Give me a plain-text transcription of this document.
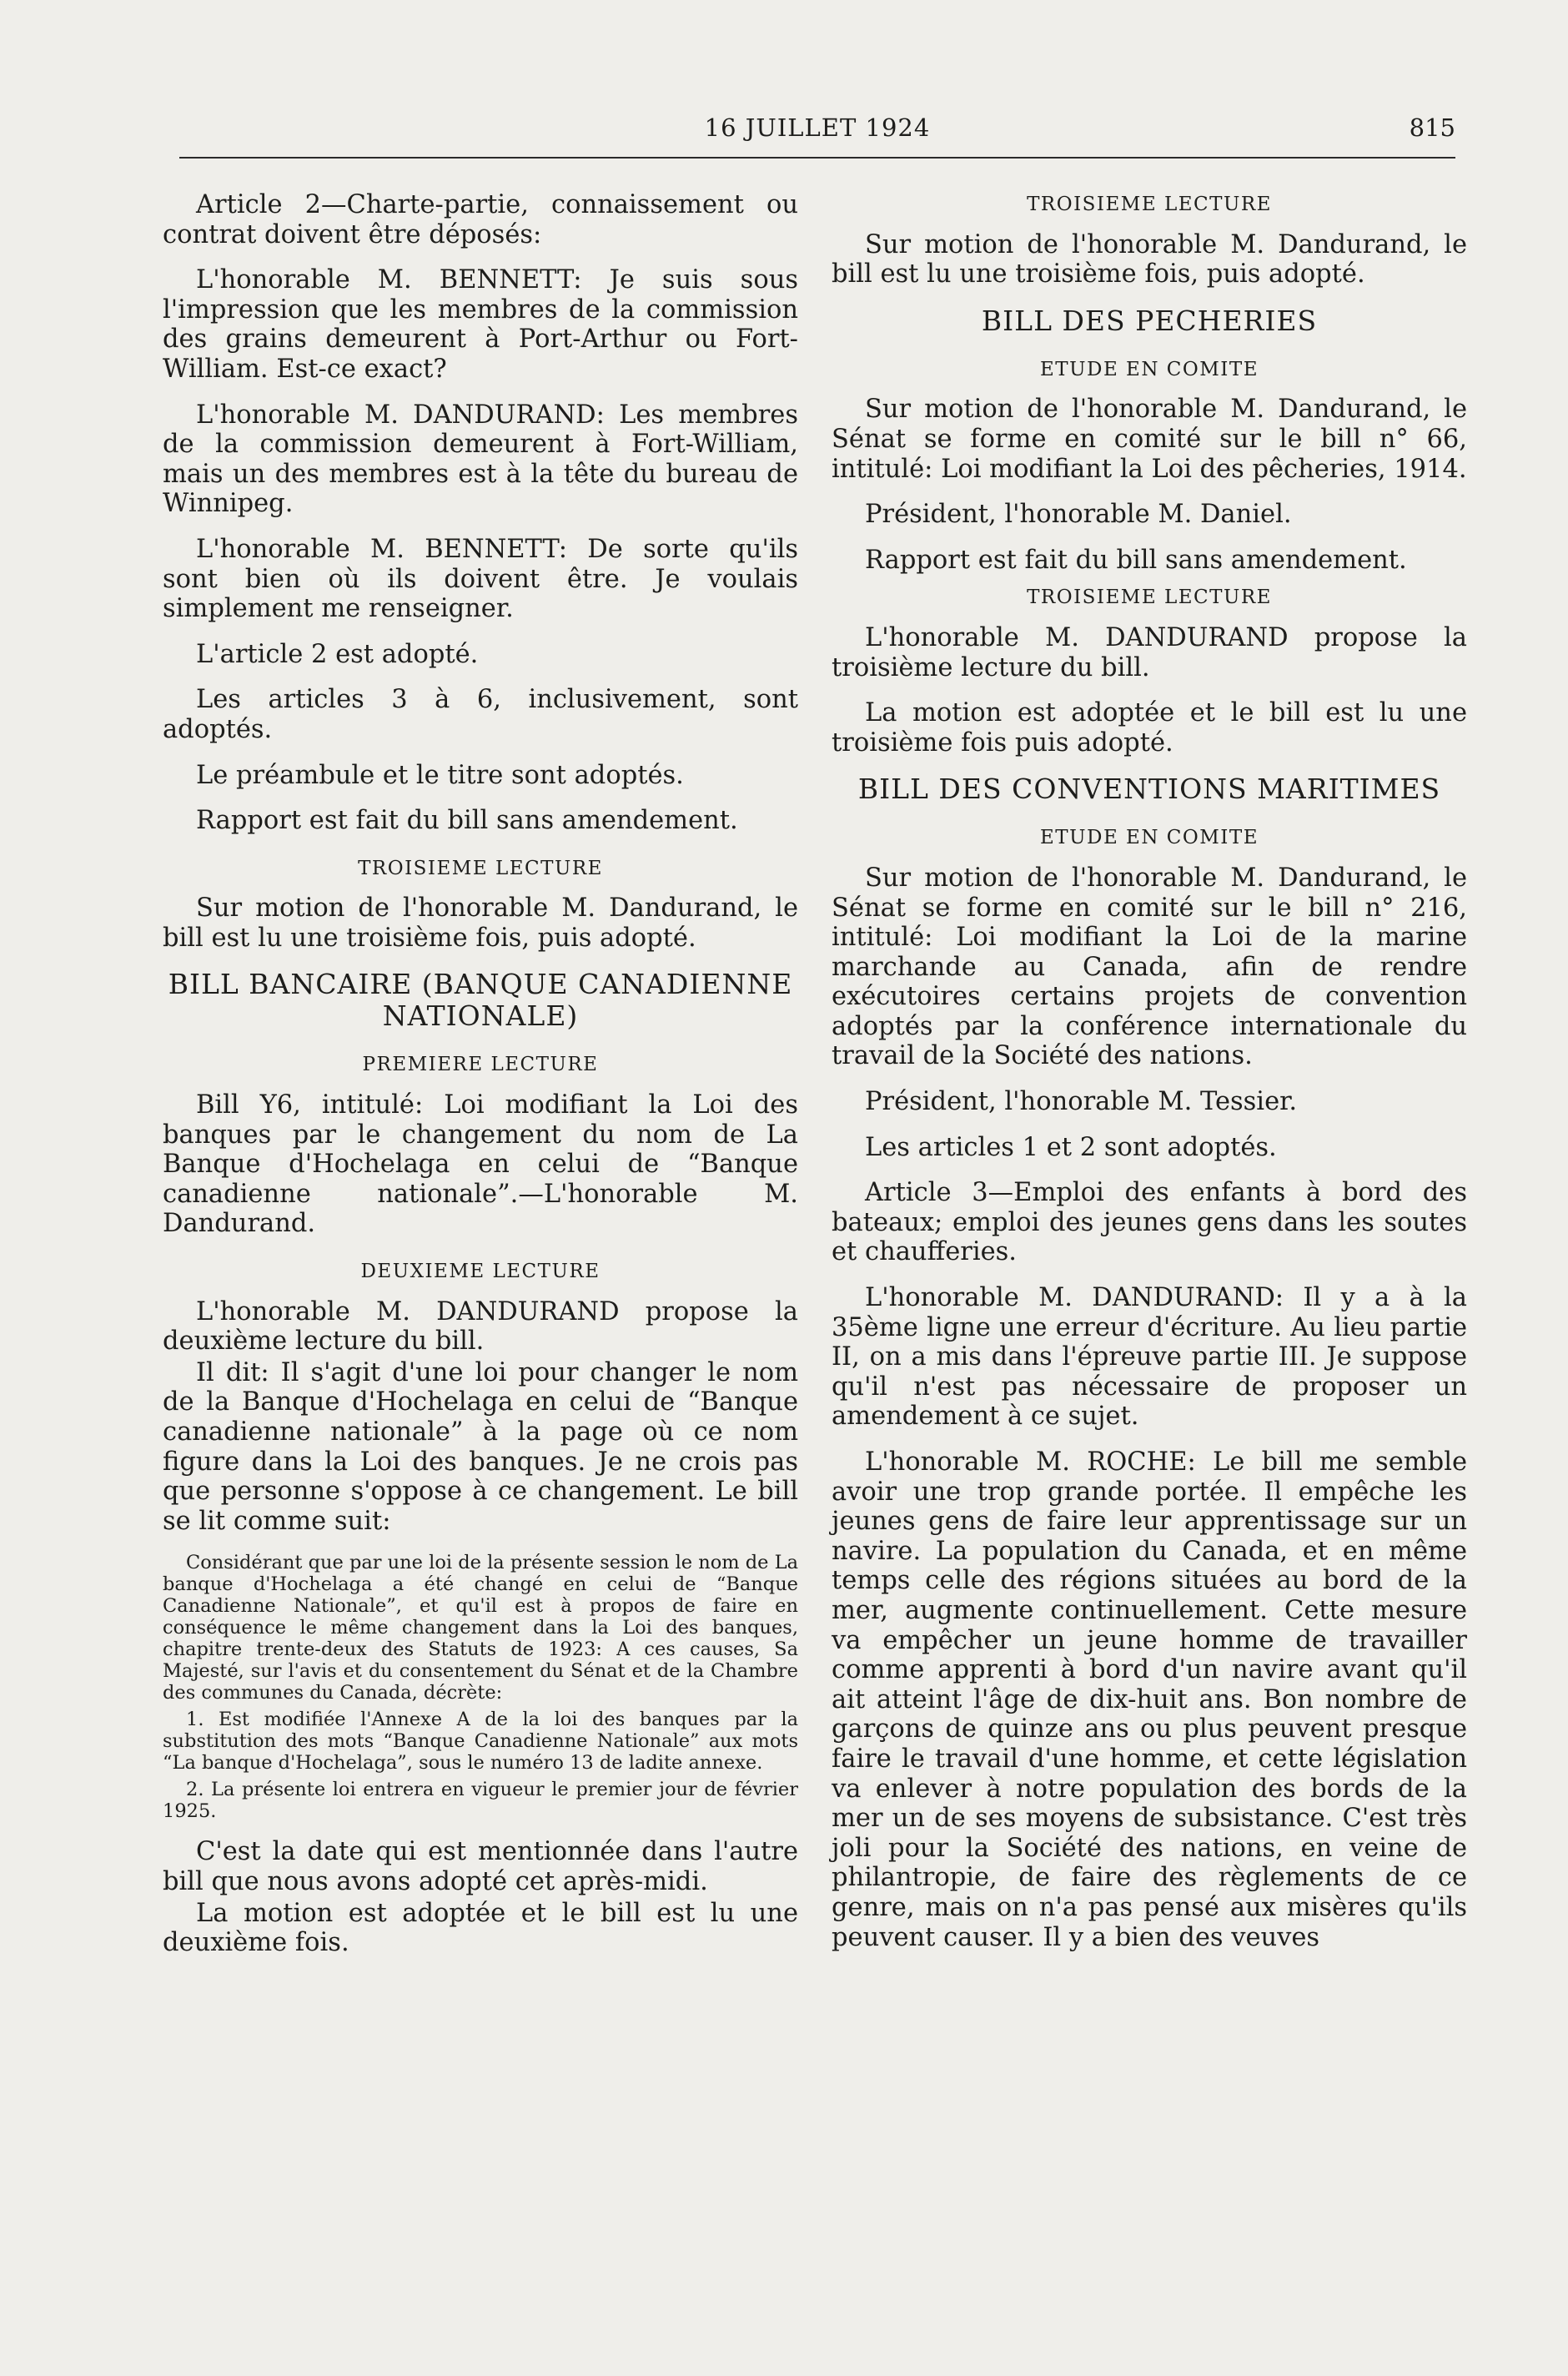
16 JUILLET 1924	815

Article 2—Charte-partie, connaissement ou contrat doivent être déposés:

L'honorable M. BENNETT: Je suis sous l'impression que les membres de la commission des grains demeurent à Port-Arthur ou Fort-William. Est-ce exact?

L'honorable M. DANDURAND: Les membres de la commission demeurent à Fort-William, mais un des membres est à la tête du bureau de Winnipeg.

L'honorable M. BENNETT: De sorte qu'ils sont bien où ils doivent être. Je voulais simplement me renseigner.

L'article 2 est adopté.

Les articles 3 à 6, inclusivement, sont adoptés.

Le préambule et le titre sont adoptés.

Rapport est fait du bill sans amendement.

TROISIEME LECTURE

Sur motion de l'honorable M. Dandurand, le bill est lu une troisième fois, puis adopté.

BILL BANCAIRE (BANQUE CANADIENNE NATIONALE)
PREMIERE LECTURE

Bill Y6, intitulé: Loi modifiant la Loi des banques par le changement du nom de La Banque d'Hochelaga en celui de “Banque canadienne nationale”.—L'honorable M. Dandurand.

DEUXIEME LECTURE

L'honorable M. DANDURAND propose la deuxième lecture du bill.

Il dit: Il s'agit d'une loi pour changer le nom de la Banque d'Hochelaga en celui de “Banque canadienne nationale” à la page où ce nom figure dans la Loi des banques. Je ne crois pas que personne s'oppose à ce changement. Le bill se lit comme suit:

Considérant que par une loi de la présente session le nom de La banque d'Hochelaga a été changé en celui de “Banque Canadienne Nationale”, et qu'il est à propos de faire en conséquence le même changement dans la Loi des banques, chapitre trente-deux des Statuts de 1923: A ces causes, Sa Majesté, sur l'avis et du consentement du Sénat et de la Chambre des communes du Canada, décrète:
1. Est modifiée l'Annexe A de la loi des banques par la substitution des mots “Banque Canadienne Nationale” aux mots “La banque d'Hochelaga”, sous le numéro 13 de ladite annexe.
2. La présente loi entrera en vigueur le premier jour de février 1925.

C'est la date qui est mentionnée dans l'autre bill que nous avons adopté cet après-midi.

La motion est adoptée et le bill est lu une deuxième fois.

TROISIEME LECTURE

Sur motion de l'honorable M. Dandurand, le bill est lu une troisième fois, puis adopté.

BILL DES PECHERIES
ETUDE EN COMITE

Sur motion de l'honorable M. Dandurand, le Sénat se forme en comité sur le bill n° 66, intitulé: Loi modifiant la Loi des pêcheries, 1914.

Président, l'honorable M. Daniel.

Rapport est fait du bill sans amendement.

TROISIEME LECTURE

L'honorable M. DANDURAND propose la troisième lecture du bill.

La motion est adoptée et le bill est lu une troisième fois puis adopté.

BILL DES CONVENTIONS MARITIMES
ETUDE EN COMITE

Sur motion de l'honorable M. Dandurand, le Sénat se forme en comité sur le bill n° 216, intitulé: Loi modifiant la Loi de la marine marchande au Canada, afin de rendre exécutoires certains projets de convention adoptés par la conférence internationale du travail de la Société des nations.

Président, l'honorable M. Tessier.

Les articles 1 et 2 sont adoptés.

Article 3—Emploi des enfants à bord des bateaux; emploi des jeunes gens dans les soutes et chaufferies.

L'honorable M. DANDURAND: Il y a à la 35ème ligne une erreur d'écriture. Au lieu partie II, on a mis dans l'épreuve partie III. Je suppose qu'il n'est pas nécessaire de proposer un amendement à ce sujet.

L'honorable M. ROCHE: Le bill me semble avoir une trop grande portée. Il empêche les jeunes gens de faire leur apprentissage sur un navire. La population du Canada, et en même temps celle des régions situées au bord de la mer, augmente continuellement. Cette mesure va empêcher un jeune homme de travailler comme apprenti à bord d'un navire avant qu'il ait atteint l'âge de dix-huit ans. Bon nombre de garçons de quinze ans ou plus peuvent presque faire le travail d'une homme, et cette législation va enlever à notre population des bords de la mer un de ses moyens de subsistance. C'est très joli pour la Société des nations, en veine de philantropie, de faire des règlements de ce genre, mais on n'a pas pensé aux misères qu'ils peuvent causer. Il y a bien des veuves
